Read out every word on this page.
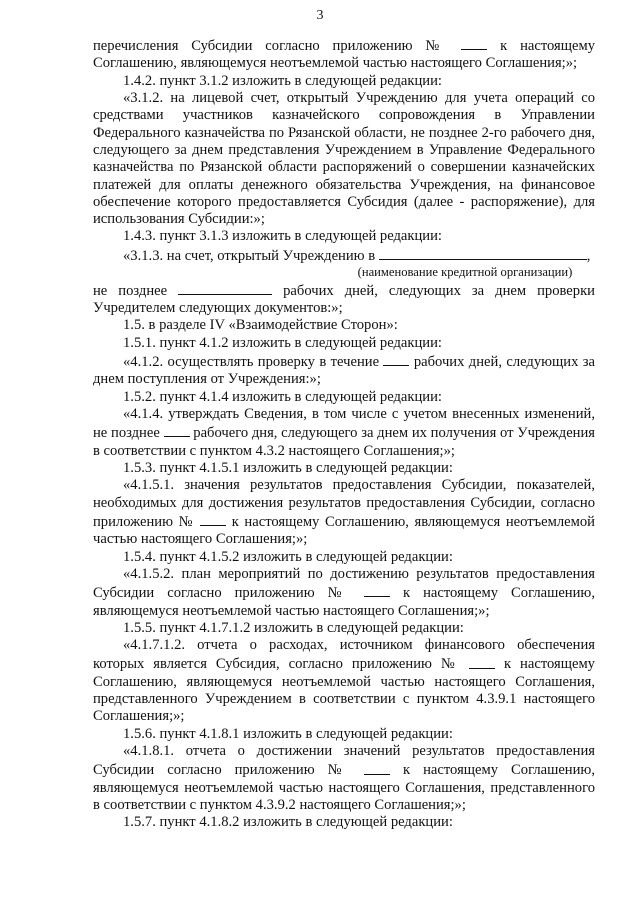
3

перечисления Субсидии согласно приложению №	к настоящему Соглашению, являющемуся неотъемлемой частью настоящего Соглашения;»;

1.4.2. пункт 3.1.2 изложить в следующей редакции:

«3.1.2. на лицевой счет, открытый Учреждению для учета операций со средствами участников казначейского сопровождения в Управлении Федерального казначейства по Рязанской области, не позднее 2-го рабочего дня, следующего за днем представления Учреждением в Управление Федерального казначейства по Рязанской области распоряжений о совершении казначейских платежей для оплаты денежного обязательства Учреждения, на финансовое обеспечение которого предоставляется Субсидия (далее - распоряжение), для использования Субсидии:»;

1.4.3. пункт 3.1.3 изложить в следующей редакции:

«3.1.3. на счет, открытый Учреждению в	,

(наименование кредитной организации)

не позднее	рабочих дней, следующих за днем проверки Учредителем следующих документов:»;

1.5. в разделе IV «Взаимодействие Сторон»:

1.5.1. пункт 4.1.2 изложить в следующей редакции:

«4.1.2. осуществлять проверку в течение рабочих дней, следующих за днем поступления от Учреждения:»;

1.5.2. пункт 4.1.4 изложить в следующей редакции:

«4.1.4. утверждать Сведения, в том числе с учетом внесенных изменений, не позднее рабочего дня, следующего за днем их получения от Учреждения в соответствии с пунктом 4.3.2 настоящего Соглашения;»;

1.5.3. пункт 4.1.5.1 изложить в следующей редакции:

«4.1.5.1. значения результатов предоставления Субсидии, показателей, необходимых для достижения результатов предоставления Субсидии, согласно приложению №	к настоящему Соглашению, являющемуся неотъемлемой частью настоящего Соглашения;»;

1.5.4. пункт 4.1.5.2 изложить в следующей редакции:

«4.1.5.2. план мероприятий по достижению результатов предоставления Субсидии согласно приложению №	к настоящему Соглашению, являющемуся неотъемлемой частью настоящего Соглашения;»;

1.5.5. пункт 4.1.7.1.2 изложить в следующей редакции:

«4.1.7.1.2. отчета о расходах, источником финансового обеспечения которых является Субсидия, согласно приложению №	к настоящему Соглашению, являющемуся неотъемлемой частью настоящего Соглашения, представленного Учреждением в соответствии с пунктом 4.3.9.1 настоящего Соглашения;»;

1.5.6. пункт 4.1.8.1 изложить в следующей редакции:

«4.1.8.1. отчета о достижении значений результатов предоставления Субсидии согласно приложению №	к настоящему Соглашению, являющемуся неотъемлемой частью настоящего Соглашения, представленного в соответствии с пунктом 4.3.9.2 настоящего Соглашения;»;

1.5.7. пункт 4.1.8.2 изложить в следующей редакции:
